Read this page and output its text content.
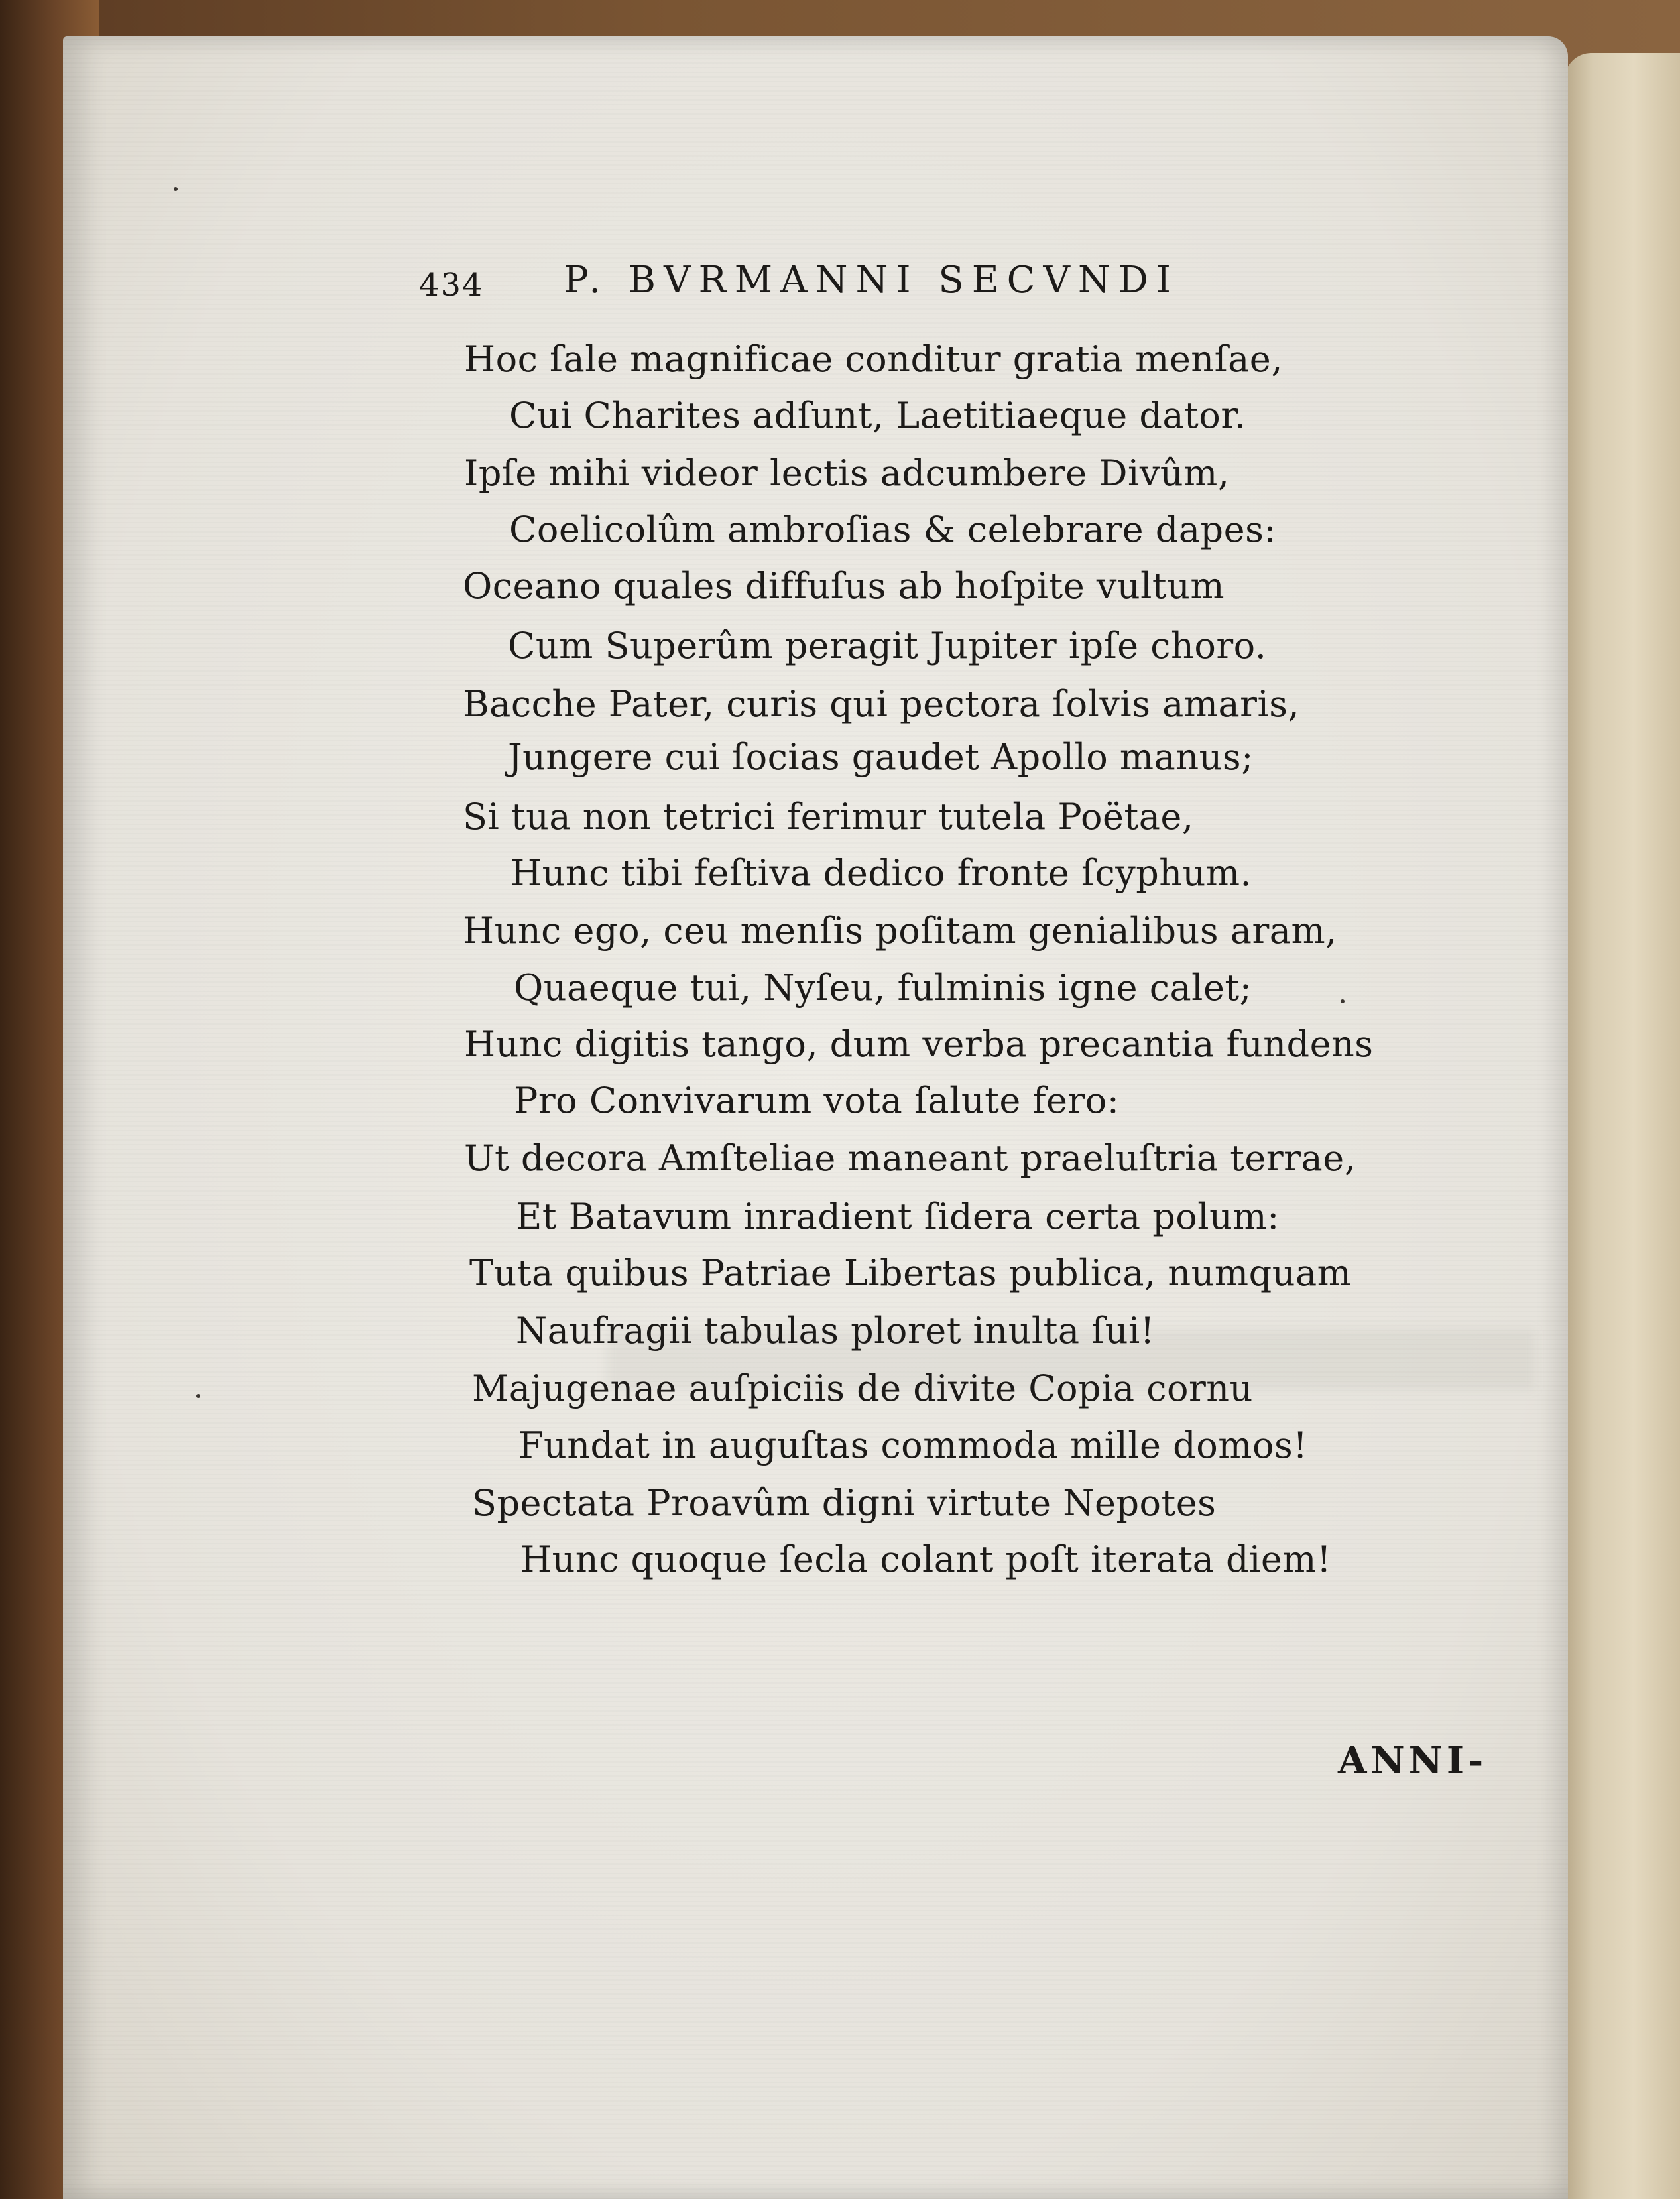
434 P. BVRMANNI SECVNDI
Hoc ſale magnificae conditur gratia menſae,
Cui Charites adſunt, Laetitiaeque dator.
Ipſe mihi videor lectis adcumbere Divûm,
Coelicolûm ambroſias & celebrare dapes:
Oceano quales diffuſus ab hoſpite vultum
Cum Superûm peragit Jupiter ipſe choro.
Bacche Pater, curis qui pectora ſolvis amaris,
Jungere cui ſocias gaudet Apollo manus;
Si tua non tetrici ferimur tutela Poëtae,
Hunc tibi feſtiva dedico fronte ſcyphum.
Hunc ego, ceu menſis poſitam genialibus aram,
Quaeque tui, Nyſeu, fulminis igne calet;
Hunc digitis tango, dum verba precantia fundens
Pro Convivarum vota ſalute fero:
Ut decora Amſteliae maneant praeluſtria terrae,
Et Batavum inradient ſidera certa polum:
Tuta quibus Patriae Libertas publica, numquam
Naufragii tabulas ploret inulta ſui!
Majugenae auſpiciis de divite Copia cornu
Fundat in auguſtas commoda mille domos!
Spectata Proavûm digni virtute Nepotes
Hunc quoque ſecla colant poſt iterata diem!
ANNI-
